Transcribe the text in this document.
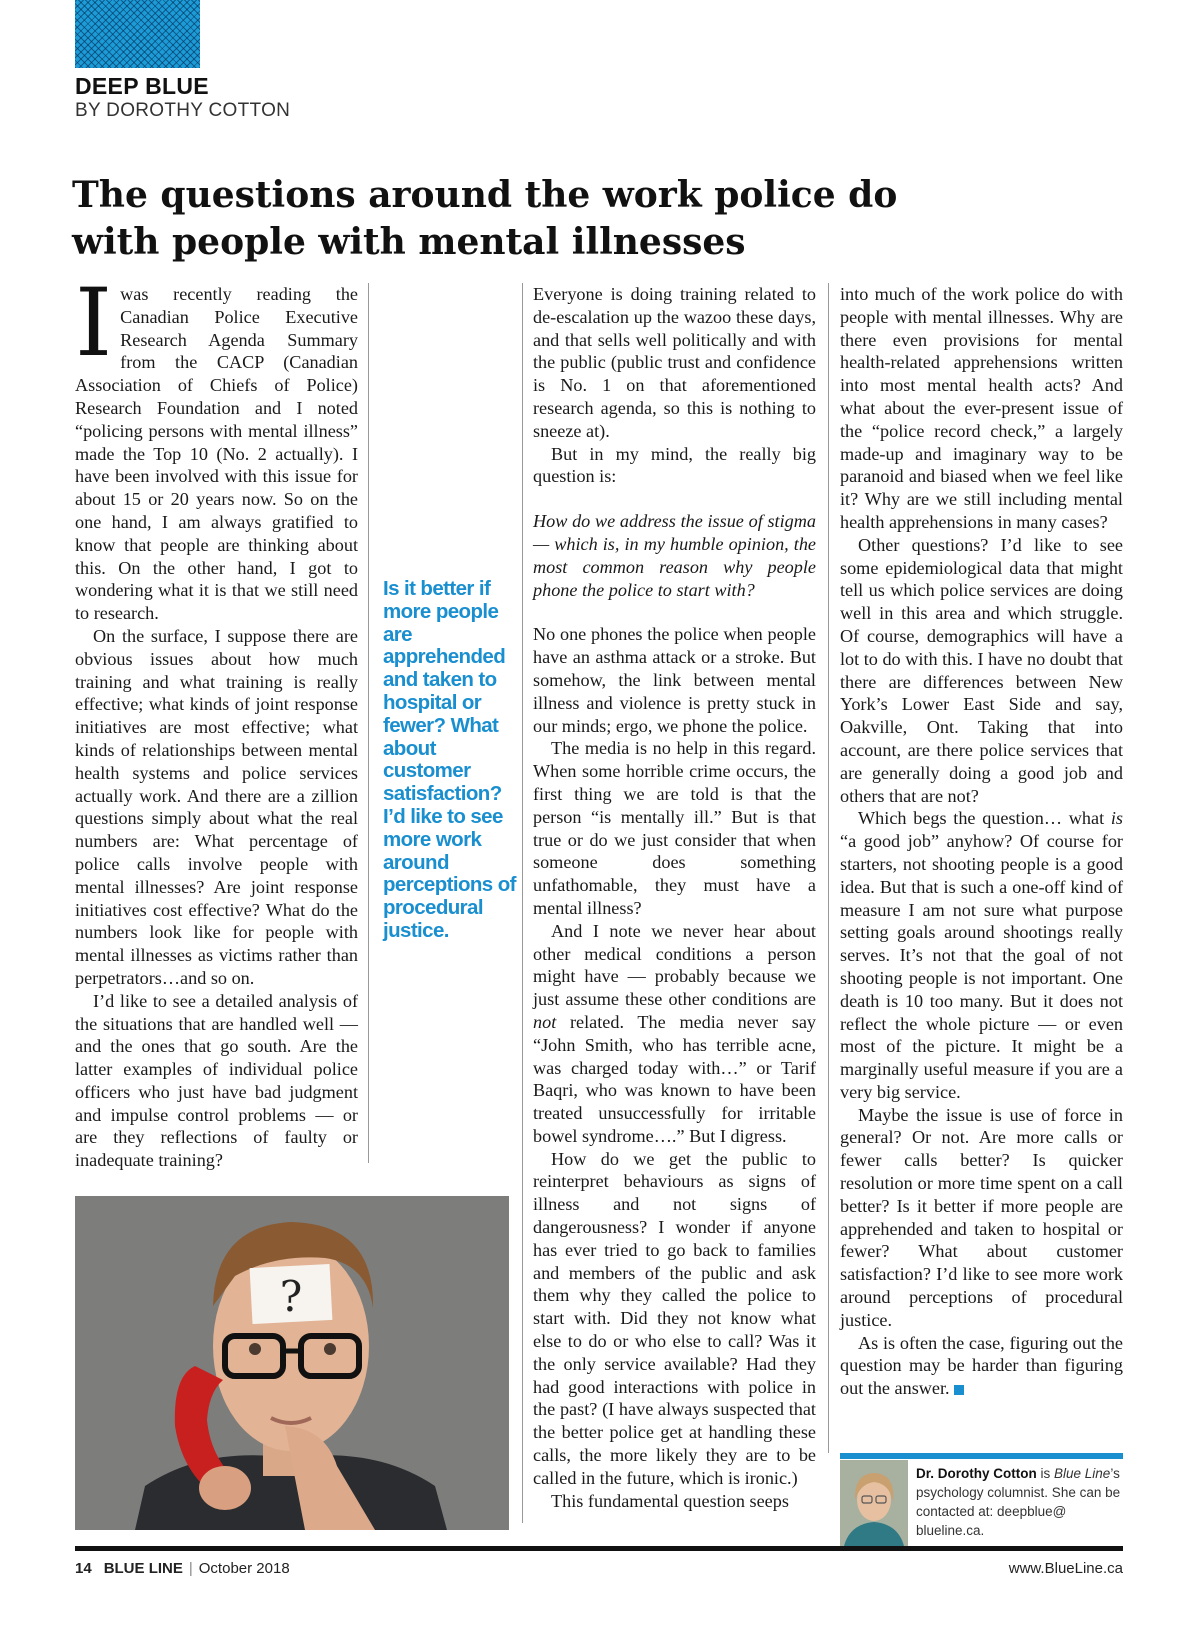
DEEP BLUE
BY DOROTHY COTTON
The questions around the work police do with people with mental illnesses

Iwas recently reading the Canadian Police Executive Research Agenda Summary from the CACP (Canadian Association of Chiefs of Police) Research Foundation and I noted “policing persons with mental illness” made the Top 10 (No. 2 actually). I have been involved with this issue for about 15 or 20 years now. So on the one hand, I am always gratified to know that people are thinking about this. On the other hand, I got to wondering what it is that we still need to research.

On the surface, I suppose there are obvious issues about how much training and what training is really effective; what kinds of joint response initiatives are most effective; what kinds of relationships between mental health systems and police services actually work. And there are a zillion questions simply about what the real numbers are: What percentage of police calls involve people with mental illnesses? Are joint response initiatives cost effective? What do the numbers look like for people with mental illnesses as victims rather than perpetrators…and so on.

I’d like to see a detailed analysis of the situations that are handled well — and the ones that go south. Are the latter examples of individual police officers who just have bad judgment and impulse control problems — or are they reflections of faulty or inadequate training?

Is it better if more people are apprehended and taken to hospital or fewer? What about customer satisfaction? I’d like to see more work around perceptions of procedural justice.

Everyone is doing training related to de-escalation up the wazoo these days, and that sells well politically and with the public (public trust and confidence is No. 1 on that aforementioned research agenda, so this is nothing to sneeze at).

But in my mind, the really big question is:

How do we address the issue of stigma — which is, in my humble opinion, the most common reason why people phone the police to start with?

No one phones the police when people have an asthma attack or a stroke. But somehow, the link between mental illness and violence is pretty stuck in our minds; ergo, we phone the police.

The media is no help in this regard. When some horrible crime occurs, the first thing we are told is that the person “is mentally ill.” But is that true or do we just consider that when someone does something unfathomable, they must have a mental illness?

And I note we never hear about other medical conditions a person might have — probably because we just assume these other conditions are not related. The media never say “John Smith, who has terrible acne, was charged today with…” or Tarif Baqri, who was known to have been treated unsuccessfully for irritable bowel syndrome….” But I digress.

How do we get the public to reinterpret behaviours as signs of illness and not signs of dangerousness? I wonder if anyone has ever tried to go back to families and members of the public and ask them why they called the police to start with. Did they not know what else to do or who else to call? Was it the only service available? Had they had good interactions with police in the past? (I have always suspected that the better police get at handling these calls, the more likely they are to be called in the future, which is ironic.)

This fundamental question seeps

into much of the work police do with people with mental illnesses. Why are there even provisions for mental health-related apprehensions written into most mental health acts? And what about the ever-present issue of the “police record check,” a largely made-up and imaginary way to be paranoid and biased when we feel like it? Why are we still including mental health apprehensions in many cases?

Other questions? I’d like to see some epidemiological data that might tell us which police services are doing well in this area and which struggle. Of course, demographics will have a lot to do with this. I have no doubt that there are differences between New York’s Lower East Side and say, Oakville, Ont. Taking that into account, are there police services that are generally doing a good job and others that are not?

Which begs the question… what is “a good job” anyhow? Of course for starters, not shooting people is a good idea. But that is such a one-off kind of measure I am not sure what purpose setting goals around shootings really serves. It’s not that the goal of not shooting people is not important. One death is 10 too many. But it does not reflect the whole picture — or even most of the picture. It might be a marginally useful measure if you are a very big service.

Maybe the issue is use of force in general? Or not. Are more calls or fewer calls better? Is quicker resolution or more time spent on a call better? Is it better if more people are apprehended and taken to hospital or fewer? What about customer satisfaction? I’d like to see more work around perceptions of procedural justice.

As is often the case, figuring out the question may be harder than figuring out the answer.

?
Dr. Dorothy Cotton is Blue Line’s psychology columnist. She can be contacted at: deepblue@ blueline.ca.
14 BLUE LINE | October 2018	www.BlueLine.ca
